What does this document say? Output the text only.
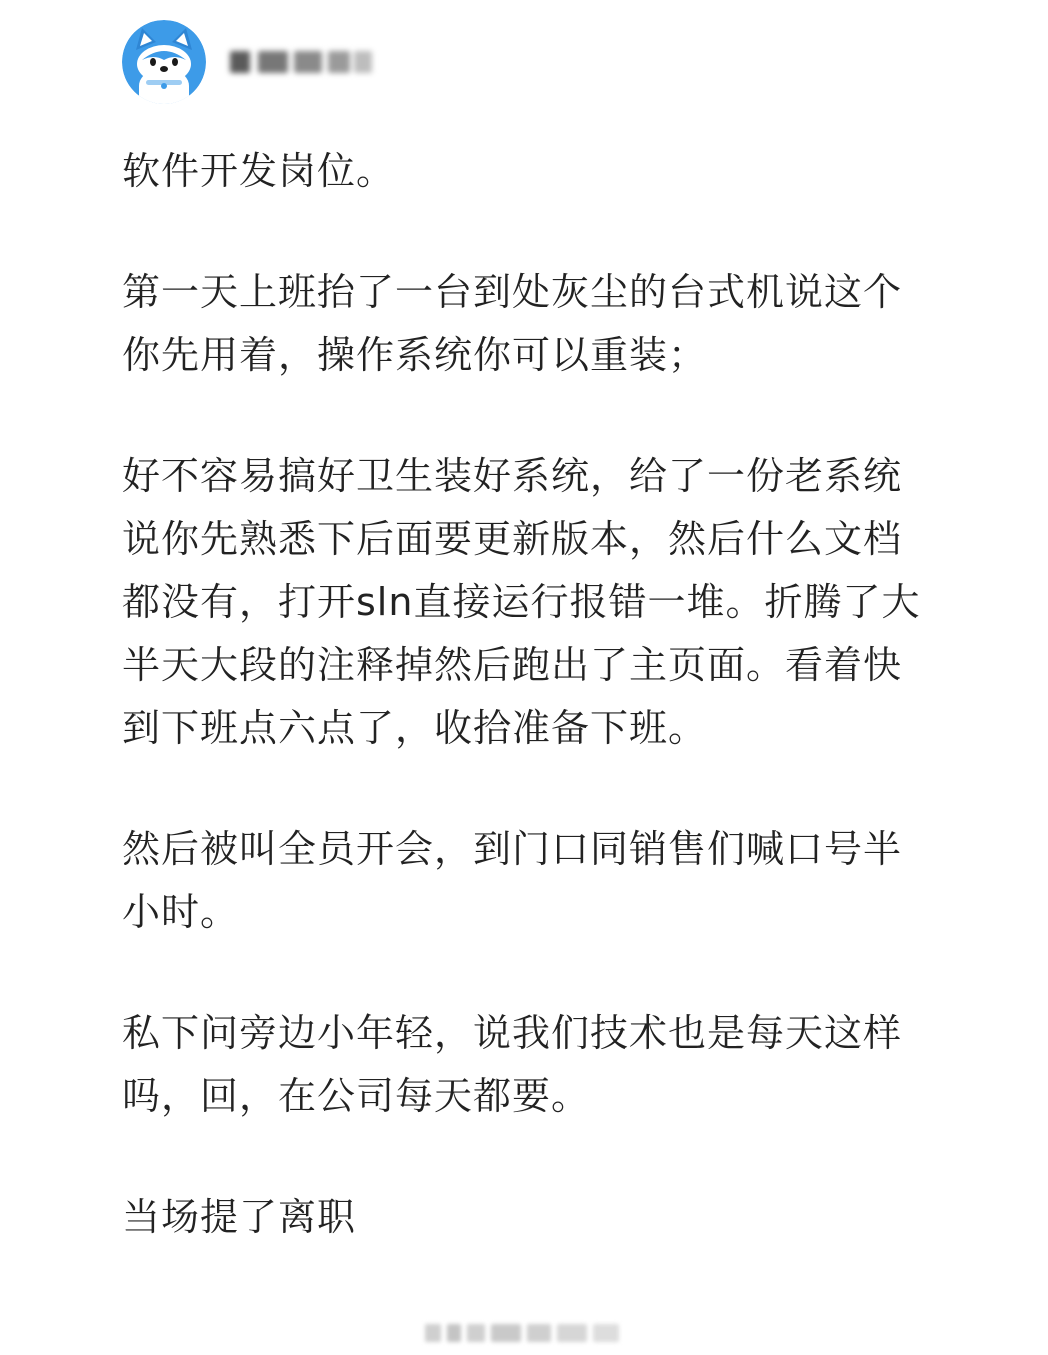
软件开发岗位。

第一天上班抬了一台到处灰尘的台式机说这个你先用着，操作系统你可以重装；

好不容易搞好卫生装好系统，给了一份老系统说你先熟悉下后面要更新版本，然后什么文档都没有，打开sln直接运行报错一堆。折腾了大半天大段的注释掉然后跑出了主页面。看着快到下班点六点了，收拾准备下班。

然后被叫全员开会，到门口同销售们喊口号半小时。

私下问旁边小年轻，说我们技术也是每天这样吗，回，在公司每天都要。

当场提了离职
